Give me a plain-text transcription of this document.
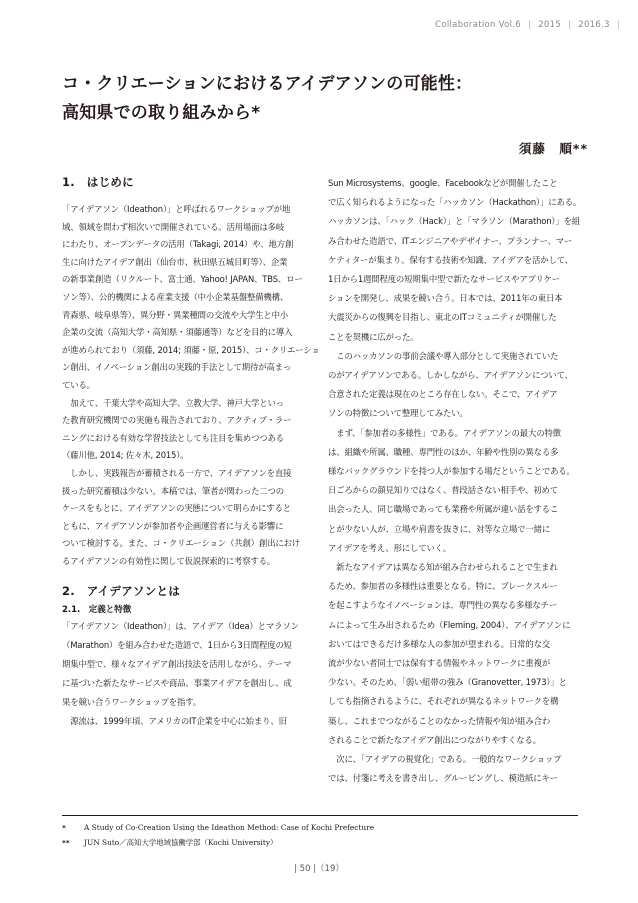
Collaboration Vol.6 | 2015 | 2016.3 |
コ・クリエーションにおけるアイデアソンの可能性：
高知県での取り組みから*
須藤　順**
1.　はじめに
2.　アイデアソンとは
2.1.　定義と特徴
「アイデアソン（Ideathon）」と呼ばれるワークショップが地
域、領域を問わず相次いで開催されている。活用場面は多岐
にわたり、オープンデータの活用（Takagi, 2014）や、地方創
生に向けたアイデア創出（仙台市、秋田県五城目町等）、企業
の新事業創造（リクルート、富士通、Yahoo! JAPAN、TBS、ロー
ソン等）、公的機関による産業支援（中小企業基盤整備機構、
青森県、岐阜県等）、異分野・異業種間の交流や大学生と中小
企業の交流（高知大学・高知県・須藤通等）などを目的に導入
が進められており（須藤, 2014; 須藤・原, 2015）、コ・クリエーショ
ン創出、イノベーション創出の実践的手法として期待が高まっ
ている。
　加えて、千葉大学や高知大学、立教大学、神戸大学といっ
た教育研究機関での実施も報告されており、アクティブ・ラー
ニングにおける有効な学習技法としても注目を集めつつある
（藤川他, 2014; 佐々木, 2015）。
　しかし、実践報告が蓄積される一方で、アイデアソンを直接
扱った研究蓄積は少ない。本稿では、筆者が関わった二つの
ケースをもとに、アイデアソンの実態について明らかにすると
ともに、アイデアソンが参加者や企画運営者に与える影響に
ついて検討する。また、コ・クリエーション（共創）創出におけ
るアイデアソンの有効性に関して仮説探索的に考察する。
「アイデアソン（Ideathon）」は、アイデア（Idea）とマラソン
（Marathon）を組み合わせた造語で、1日から3日間程度の短
期集中型で、様々なアイデア創出技法を活用しながら、テーマ
に基づいた新たなサービスや商品、事業アイデアを創出し、成
果を競い合うワークショップを指す。
　源流は、1999年頃、アメリカのIT企業を中心に始まり、旧
Sun Microsystems、google、Facebookなどが開催したこと
で広く知られるようになった「ハッカソン（Hackathon）」にある。
ハッカソンは、「ハック（Hack）」と「マラソン（Marathon）」を組
み合わせた造語で、ITエンジニアやデザイナー、プランナー、マー
ケティターが集まり、保有する技術や知識、アイデアを活かして、
1日から1週間程度の短期集中型で新たなサービスやアプリケー
ションを開発し、成果を競い合う。日本では、2011年の東日本
大震災からの復興を目指し、東北のITコミュニティが開催した
ことを契機に広がった。
　このハッカソンの事前会議や導入部分として実施されていた
のがアイデアソンである。しかしながら、アイデアソンについて、
合意された定義は現在のところ存在しない。そこで、アイデア
ソンの特徴について整理してみたい。
　まず、「参加者の多様性」である。アイデアソンの最大の特徴
は、組織や所属、職種、専門性のほか、年齢や性別の異なる多
様なバックグラウンドを持つ人が参加する場だということである。
日ごろからの顔見知りではなく、普段話さない相手や、初めて
出会った人、同じ職場であっても業務や所属が違い話をするこ
とが少ない人が、立場や肩書を抜きに、対等な立場で一緒に
アイデアを考え、形にしていく。
　新たなアイデアは異なる知が組み合わせられることで生まれ
るため、参加者の多様性は重要となる。特に、ブレークスルー
を起こすようなイノベーションは、専門性の異なる多様なチー
ムによって生み出されるため（Fleming, 2004）、アイデアソンに
おいてはできるだけ多様な人の参加が望まれる。日常的な交
流が少ない者同士では保有する情報やネットワークに重複が
少ない。そのため、「弱い紐帯の強み（Granovetter, 1973）」と
しても指摘されるように、それぞれが異なるネットワークを構
築し、これまでつながることのなかった情報や知が組み合わ
されることで新たなアイデア創出につながりやすくなる。
　次に、「アイデアの視覚化」である。一般的なワークショップ
では、付箋に考えを書き出し、グルーピングし、模造紙にキー
* A Study of Co-Creation Using the Ideathon Method: Case of Kochi Prefecture
** JUN Suto／高知大学地域協働学部（Kochi University）
| 50 |（19）
